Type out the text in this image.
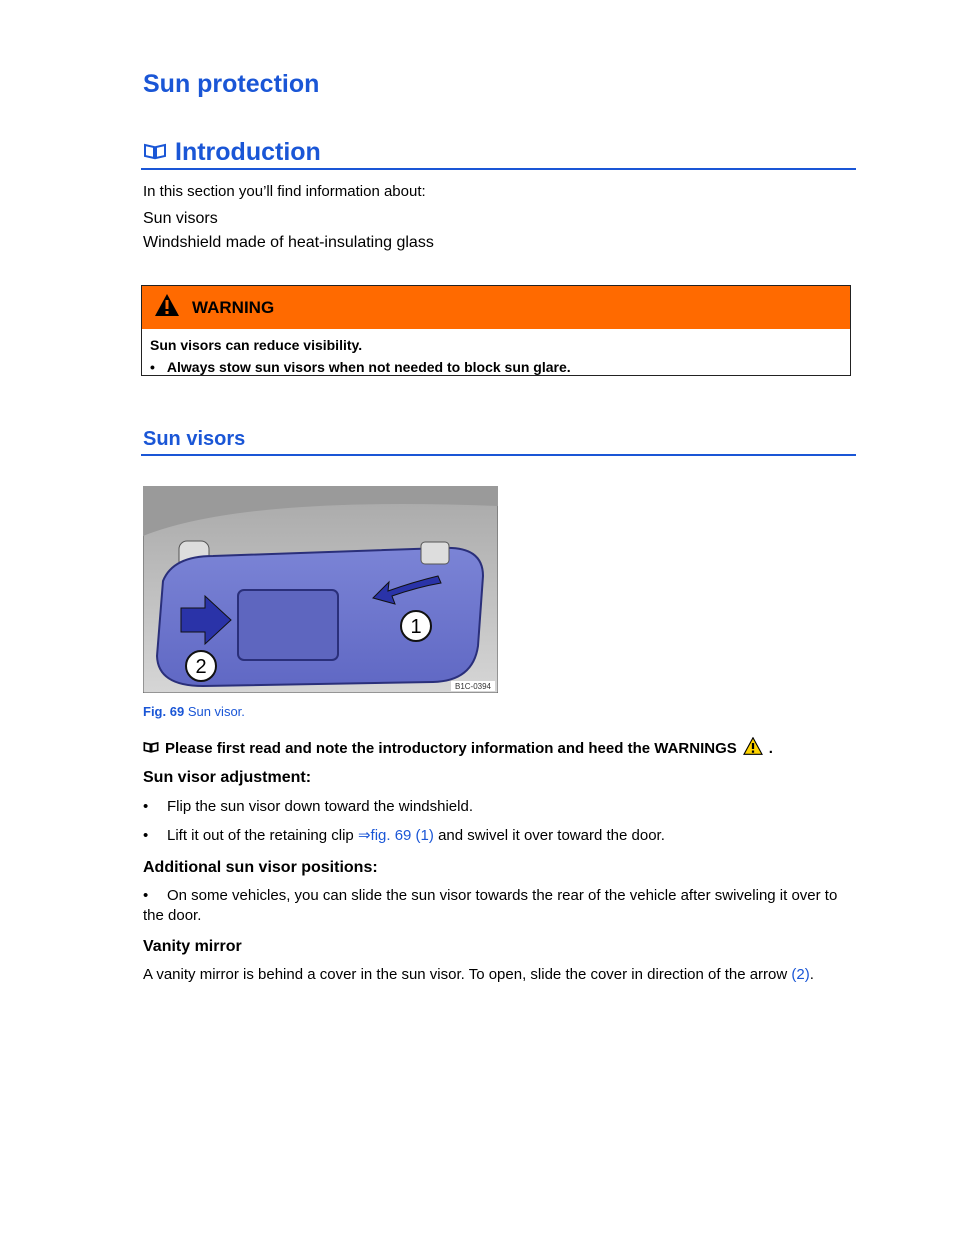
Sun protection
Introduction
In this section you’ll find information about:
Sun visors
Windshield made of heat-insulating glass
WARNING
Sun visors can reduce visibility.
• Always stow sun visors when not needed to block sun glare.
Sun visors
1
2
B1C-0394
Fig. 69 Sun visor.
Please first read and note the introductory information and heed the WARNINGS .
Sun visor adjustment:
•	Flip the sun visor down toward the windshield.
•	Lift it out of the retaining clip ⇒fig. 69 (1) and swivel it over toward the door.
Additional sun visor positions:
• On some vehicles, you can slide the sun visor towards the rear of the vehicle after swiveling it over to the door.
Vanity mirror
A vanity mirror is behind a cover in the sun visor. To open, slide the cover in direction of the arrow (2).
